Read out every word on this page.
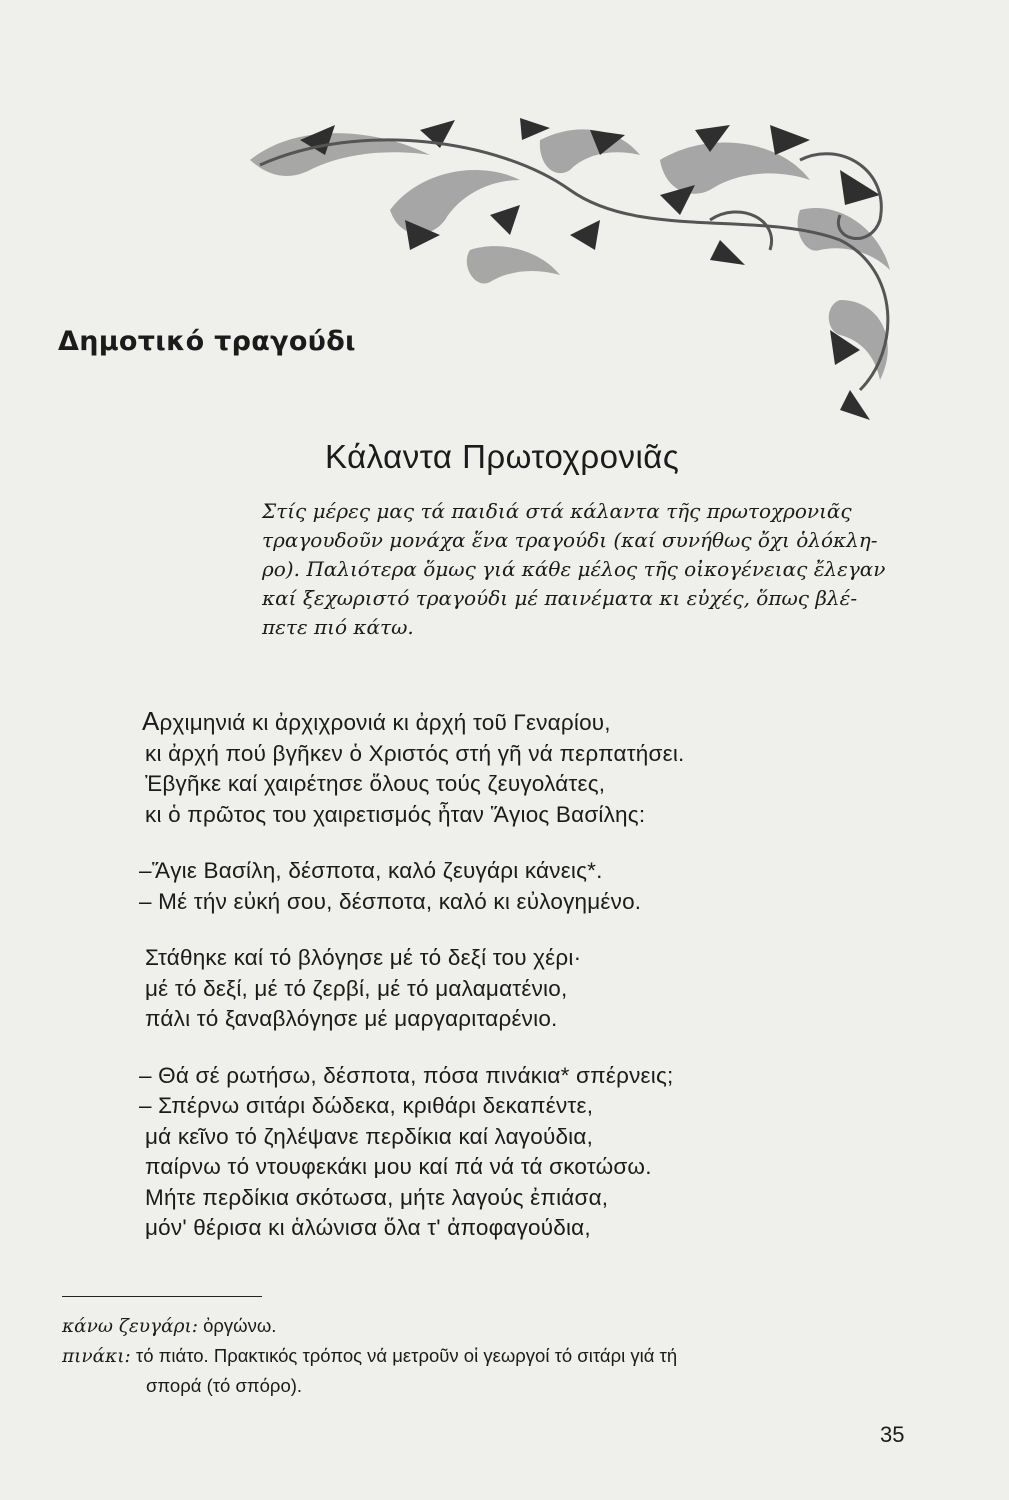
Δημοτικό τραγούδι
Κάλαντα Πρωτοχρονιᾶς
Στίς μέρες μας τά παιδιά στά κάλαντα τῆς πρωτοχρονιᾶς
τραγουδοῦν μονάχα ἕνα τραγούδι (καί συνήθως ὄχι ὁλόκλη-
ρο). Παλιότερα ὅμως γιά κάθε μέλος τῆς οἰκογένειας ἔλεγαν
καί ξεχωριστό τραγούδι μέ παινέματα κι εὐχές, ὅπως βλέ-
πετε πιό κάτω.
Αρχιμηνιά κι ἀρχιχρονιά κι ἀρχή τοῦ Γεναρίου,
κι ἀρχή πού βγῆκεν ὁ Χριστός στή γῆ νά περπατήσει.
Ἐβγῆκε καί χαιρέτησε ὅλους τούς ζευγολάτες,
κι ὁ πρῶτος του χαιρετισμός ἦταν Ἅγιος Βασίλης:
–Ἅγιε Βασίλη, δέσποτα, καλό ζευγάρι κάνεις*.
– Μέ τήν εὐκή σου, δέσποτα, καλό κι εὐλογημένο.
Στάθηκε καί τό βλόγησε μέ τό δεξί του χέρι·
μέ τό δεξί, μέ τό ζερβί, μέ τό μαλαματένιο,
πάλι τό ξαναβλόγησε μέ μαργαριταρένιο.
– Θά σέ ρωτήσω, δέσποτα, πόσα πινάκια* σπέρνεις;
– Σπέρνω σιτάρι δώδεκα, κριθάρι δεκαπέντε,
μά κεῖνο τό ζηλέψανε περδίκια καί λαγούδια,
παίρνω τό ντουφεκάκι μου καί πά νά τά σκοτώσω.
Μήτε περδίκια σκότωσα, μήτε λαγούς ἐπιάσα,
μόν' θέρισα κι ἁλώνισα ὅλα τ' ἀποφαγούδια,
κάνω ζευγάρι: ὀργώνω.
πινάκι: τό πιάτο. Πρακτικός τρόπος νά μετροῦν οἱ γεωργοί τό σιτάρι γιά τή
σπορά (τό σπόρο).
35
